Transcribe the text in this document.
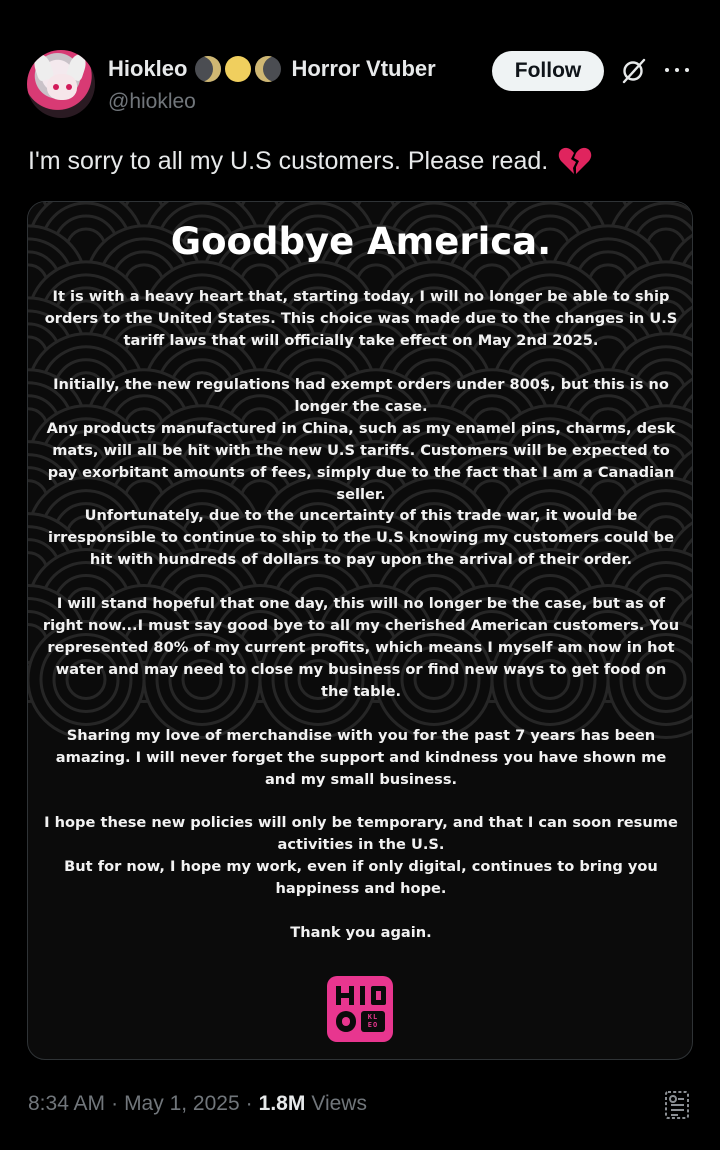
Hiokleo	Horror Vtuber
@hiokleo
Follow
I'm sorry to all my U.S customers. Please read.
Goodbye America.

It is with a heavy heart that, starting today, I will no longer be able to ship orders to the United States. This choice was made due to the changes in U.S tariff laws that will officially take effect on May 2nd 2025.

Initially, the new regulations had exempt orders under 800$, but this is no longer the case.

Any products manufactured in China, such as my enamel pins, charms, desk mats, will all be hit with the new U.S tariffs. Customers will be expected to pay exorbitant amounts of fees, simply due to the fact that I am a Canadian seller.

Unfortunately, due to the uncertainty of this trade war, it would be irresponsible to continue to ship to the U.S knowing my customers could be hit with hundreds of dollars to pay upon the arrival of their order.

I will stand hopeful that one day, this will no longer be the case, but as of right now...I must say good bye to all my cherished American customers. You represented 80% of my current profits, which means I myself am now in hot water and may need to close my business or find new ways to get food on the table.

Sharing my love of merchandise with you for the past 7 years has been amazing. I will never forget the support and kindness you have shown me and my small business.

I hope these new policies will only be temporary, and that I can soon resume activities in the U.S.

But for now, I hope my work, even if only digital, continues to bring you happiness and hope.

Thank you again.

KL
EO
8:34 AM · May 1, 2025 · 1.8M Views
